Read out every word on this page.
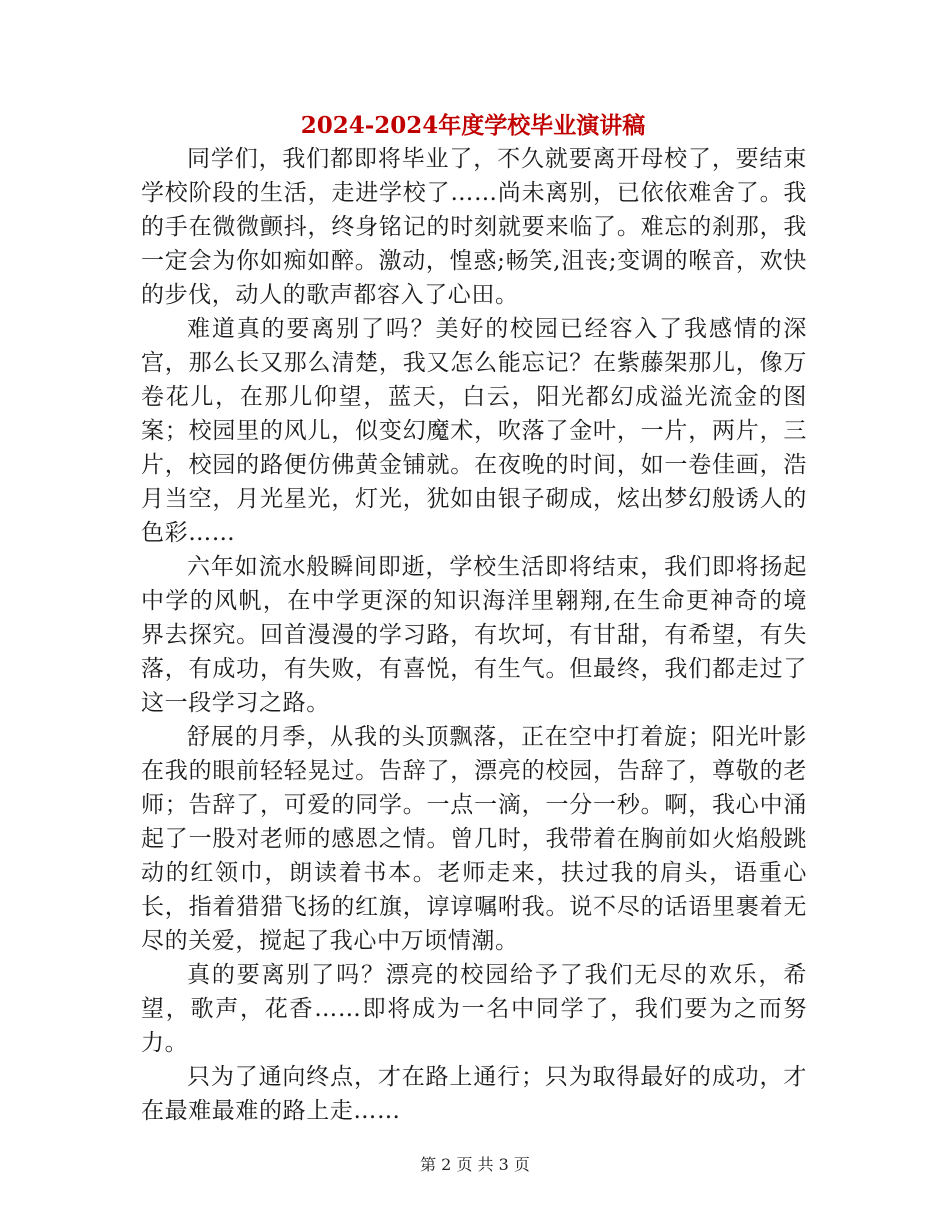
2024-2024年度学校毕业演讲稿

同学们，我们都即将毕业了，不久就要离开母校了，要结束学校阶段的生活，走进学校了……尚未离别，已依依难舍了。我的手在微微颤抖，终身铭记的时刻就要来临了。难忘的刹那，我一定会为你如痴如醉。激动，惶惑;畅笑,沮丧;变调的喉音，欢快的步伐，动人的歌声都容入了心田。

难道真的要离别了吗？美好的校园已经容入了我感情的深宫，那么长又那么清楚，我又怎么能忘记？在紫藤架那儿，像万卷花儿，在那儿仰望，蓝天，白云，阳光都幻成溢光流金的图案；校园里的风儿，似变幻魔术，吹落了金叶，一片，两片，三片，校园的路便仿佛黄金铺就。在夜晚的时间，如一卷佳画，浩月当空，月光星光，灯光，犹如由银子砌成，炫出梦幻般诱人的色彩……

六年如流水般瞬间即逝，学校生活即将结束，我们即将扬起中学的风帆，在中学更深的知识海洋里翱翔,在生命更神奇的境界去探究。回首漫漫的学习路，有坎坷，有甘甜，有希望，有失落，有成功，有失败，有喜悦，有生气。但最终，我们都走过了这一段学习之路。

舒展的月季，从我的头顶飘落，正在空中打着旋；阳光叶影在我的眼前轻轻晃过。告辞了，漂亮的校园，告辞了，尊敬的老师；告辞了，可爱的同学。一点一滴，一分一秒。啊，我心中涌起了一股对老师的感恩之情。曾几时，我带着在胸前如火焰般跳动的红领巾，朗读着书本。老师走来，扶过我的肩头，语重心长，指着猎猎飞扬的红旗，谆谆嘱咐我。说不尽的话语里裹着无尽的关爱，搅起了我心中万顷情潮。

真的要离别了吗？漂亮的校园给予了我们无尽的欢乐，希望，歌声，花香……即将成为一名中同学了，我们要为之而努力。

只为了通向终点，才在路上通行；只为取得最好的成功，才在最难最难的路上走……

第 2 页 共 3 页
